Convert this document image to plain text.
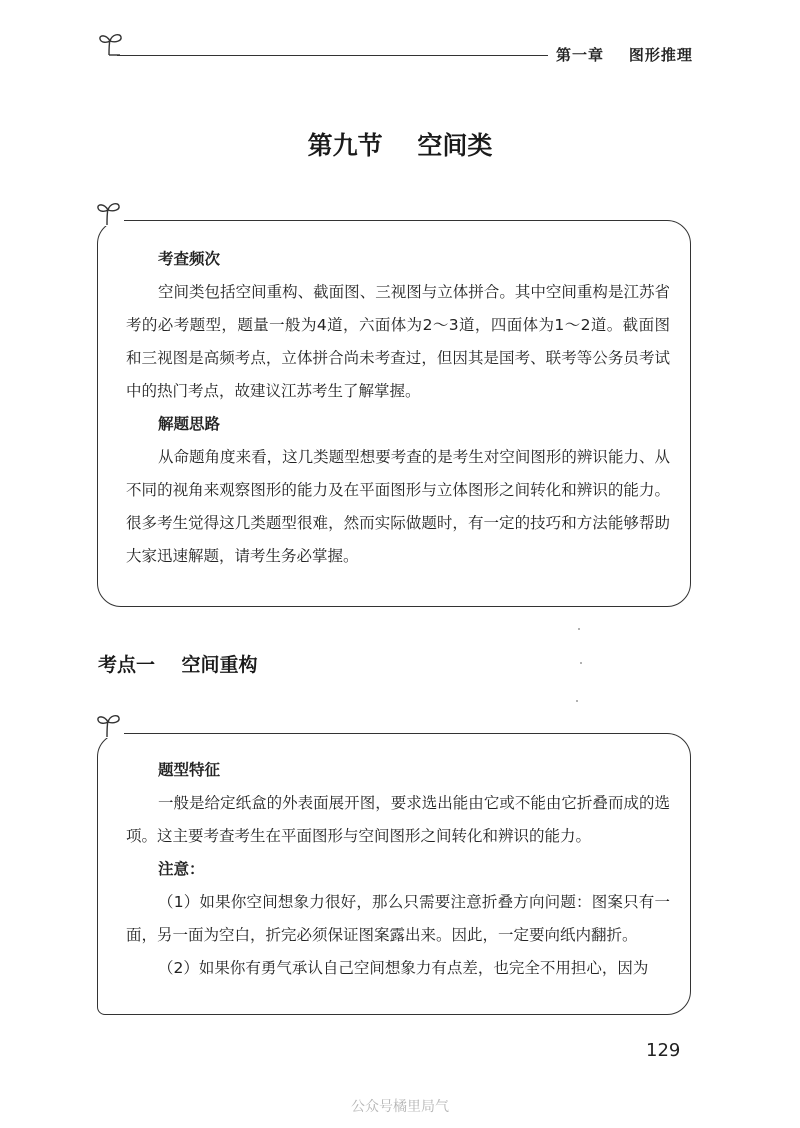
第一章    图形推理
第九节    空间类
考查频次
空间类包括空间重构、截面图、三视图与立体拼合。其中空间重构是江苏省考的必考题型，题量一般为4道，六面体为2～3道，四面体为1～2道。截面图和三视图是高频考点，立体拼合尚未考查过，但因其是国考、联考等公务员考试中的热门考点，故建议江苏考生了解掌握。
解题思路
从命题角度来看，这几类题型想要考查的是考生对空间图形的辨识能力、从不同的视角来观察图形的能力及在平面图形与立体图形之间转化和辨识的能力。很多考生觉得这几类题型很难，然而实际做题时，有一定的技巧和方法能够帮助大家迅速解题，请考生务必掌握。
考点一    空间重构
题型特征
一般是给定纸盒的外表面展开图，要求选出能由它或不能由它折叠而成的选项。这主要考查考生在平面图形与空间图形之间转化和辨识的能力。
注意：
（1）如果你空间想象力很好，那么只需要注意折叠方向问题：图案只有一面，另一面为空白，折完必须保证图案露出来。因此，一定要向纸内翻折。
（2）如果你有勇气承认自己空间想象力有点差，也完全不用担心，因为
129
公众号橘里局气
